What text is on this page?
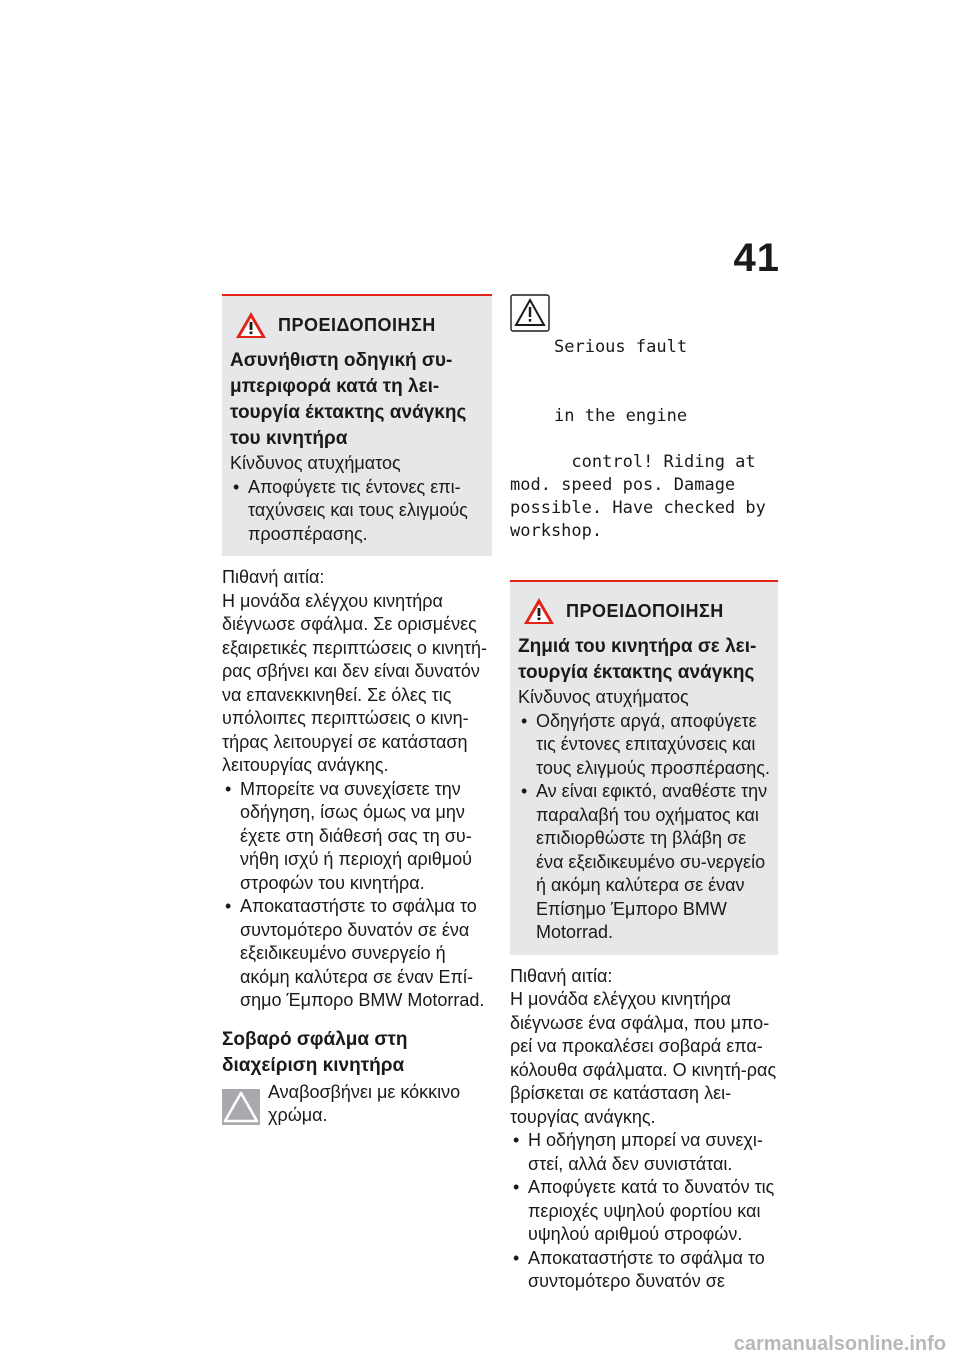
41
ΠΡΟΕΙΔΟΠΟΙΗΣΗ
Ασυνήθιστη οδηγική συ-
μπεριφορά κατά τη λει-
τουργία έκτακτης ανάγκης
του κινητήρα
Κίνδυνος ατυχήματος
• Αποφύγετε τις έντονες επι-ταχύνσεις και τους ελιγμούς προσπέρασης.
Πιθανή αιτία:
Η μονάδα ελέγχου κινητήρα διέγνωσε σφάλμα. Σε ορισμένες εξαιρετικές περιπτώσεις ο κινητή-ρας σβήνει και δεν είναι δυνατόν να επανεκκινηθεί. Σε όλες τις υπόλοιπες περιπτώσεις ο κινη-τήρας λειτουργεί σε κατάσταση λειτουργίας ανάγκης.
• Μπορείτε να συνεχίσετε την οδήγηση, ίσως όμως να μην έχετε στη διάθεσή σας τη συ-νήθη ισχύ ή περιοχή αριθμού στροφών του κινητήρα.
• Αποκαταστήστε το σφάλμα το συντομότερο δυνατόν σε ένα εξειδικευμένο συνεργείο ή ακόμη καλύτερα σε έναν Επί-σημο Έμπορο BMW Motorrad.
Σοβαρό σφάλμα στη
διαχείριση κινητήρα
Αναβοσβήνει με κόκκινο χρώμα.

Serious fault

in the engine

control! Riding at mod. speed pos. Damage possible. Have checked by workshop.

ΠΡΟΕΙΔΟΠΟΙΗΣΗ
Ζημιά του κινητήρα σε λει-
τουργία έκτακτης ανάγκης
Κίνδυνος ατυχήματος
• Οδηγήστε αργά, αποφύγετε τις έντονες επιταχύνσεις και τους ελιγμούς προσπέρασης.
• Αν είναι εφικτό, αναθέστε την παραλαβή του οχήματος και επιδιορθώστε τη βλάβη σε ένα εξειδικευμένο συ-νεργείο ή ακόμη καλύτερα σε έναν Επίσημο Έμπορο BMW Motorrad.
Πιθανή αιτία:
Η μονάδα ελέγχου κινητήρα διέγνωσε ένα σφάλμα, που μπο-ρεί να προκαλέσει σοβαρά επα-κόλουθα σφάλματα. Ο κινητή-ρας βρίσκεται σε κατάσταση λει-τουργίας ανάγκης.
• Η οδήγηση μπορεί να συνεχι-στεί, αλλά δεν συνιστάται.
• Αποφύγετε κατά το δυνατόν τις περιοχές υψηλού φορτίου και υψηλού αριθμού στροφών.
• Αποκαταστήστε το σφάλμα το συντομότερο δυνατόν σε
carmanualsonline.info
